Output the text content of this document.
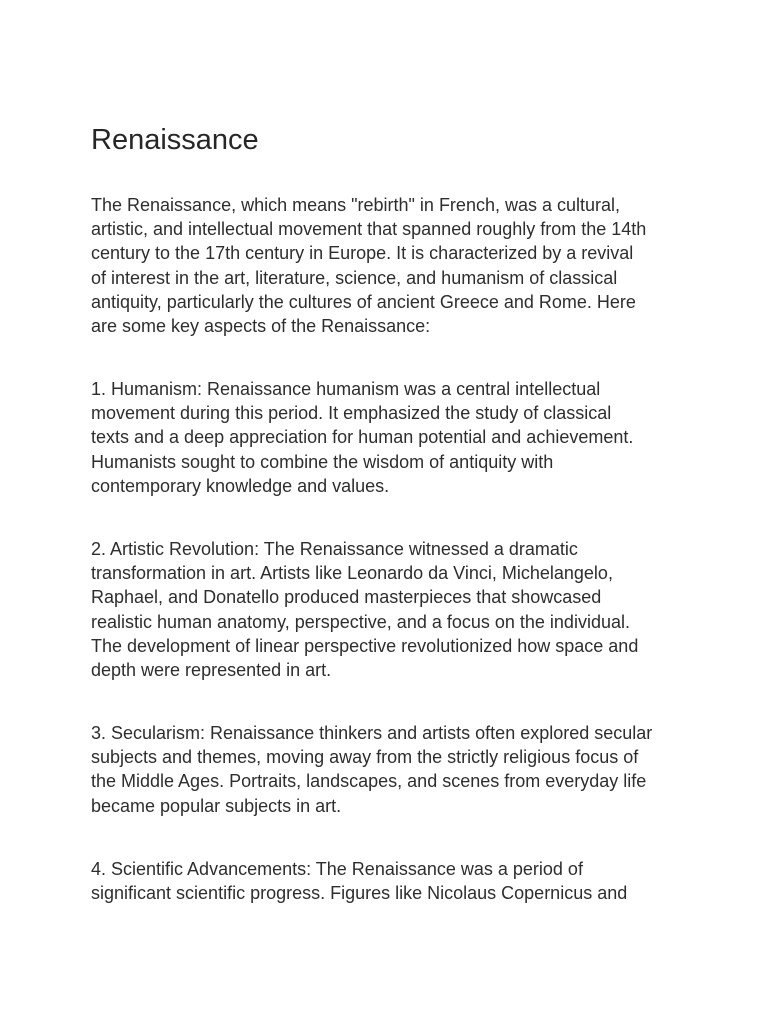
Renaissance

The Renaissance, which means "rebirth" in French, was a cultural,
artistic, and intellectual movement that spanned roughly from the 14th
century to the 17th century in Europe. It is characterized by a revival
of interest in the art, literature, science, and humanism of classical
antiquity, particularly the cultures of ancient Greece and Rome. Here
are some key aspects of the Renaissance:

1. Humanism: Renaissance humanism was a central intellectual
movement during this period. It emphasized the study of classical
texts and a deep appreciation for human potential and achievement.
Humanists sought to combine the wisdom of antiquity with
contemporary knowledge and values.

2. Artistic Revolution: The Renaissance witnessed a dramatic
transformation in art. Artists like Leonardo da Vinci, Michelangelo,
Raphael, and Donatello produced masterpieces that showcased
realistic human anatomy, perspective, and a focus on the individual.
The development of linear perspective revolutionized how space and
depth were represented in art.

3. Secularism: Renaissance thinkers and artists often explored secular
subjects and themes, moving away from the strictly religious focus of
the Middle Ages. Portraits, landscapes, and scenes from everyday life
became popular subjects in art.

4. Scientific Advancements: The Renaissance was a period of
significant scientific progress. Figures like Nicolaus Copernicus and
